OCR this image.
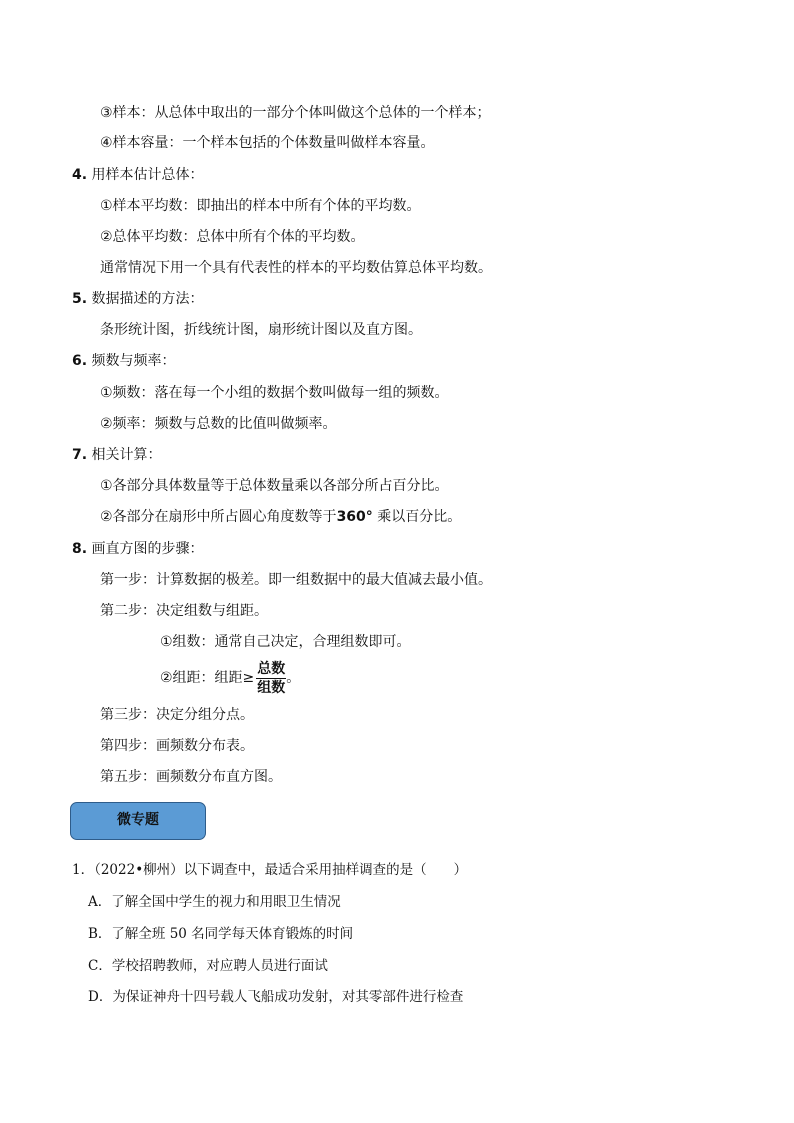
③样本：从总体中取出的一部分个体叫做这个总体的一个样本；
④样本容量：一个样本包括的个体数量叫做样本容量。
4. 用样本估计总体：
①样本平均数：即抽出的样本中所有个体的平均数。
②总体平均数：总体中所有个体的平均数。
通常情况下用一个具有代表性的样本的平均数估算总体平均数。
5. 数据描述的方法：
条形统计图，折线统计图，扇形统计图以及直方图。
6. 频数与频率：
①频数：落在每一个小组的数据个数叫做每一组的频数。
②频率：频数与总数的比值叫做频率。
7. 相关计算：
①各部分具体数量等于总体数量乘以各部分所占百分比。
②各部分在扇形中所占圆心角度数等于360° 乘以百分比。
8. 画直方图的步骤：
第一步：计算数据的极差。即一组数据中的最大值减去最小值。
第二步：决定组数与组距。
①组数：通常自己决定，合理组数即可。
②组距：组距≥ $\frac{\text{总数}}{\text{组数}}$ 。
第三步：决定分组分点。
第四步：画频数分布表。
第五步：画频数分布直方图。
微专题
1．（2022•柳州）以下调查中，最适合采用抽样调查的是（　　）
A．了解全国中学生的视力和用眼卫生情况
B．了解全班 50 名同学每天体育锻炼的时间
C．学校招聘教师，对应聘人员进行面试
D．为保证神舟十四号载人飞船成功发射，对其零部件进行检查
